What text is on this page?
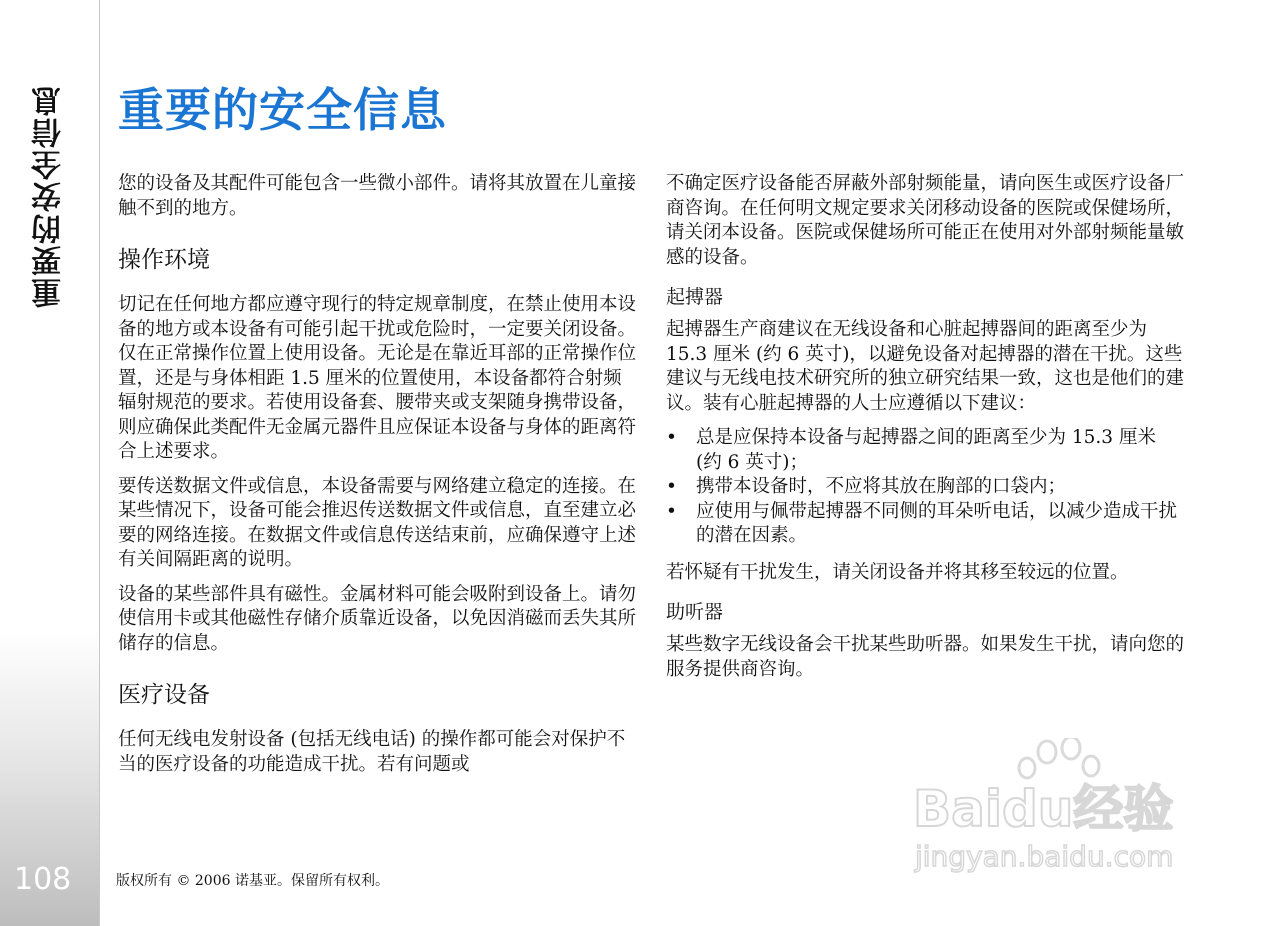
重要的安全信息
108
重要的安全信息

您的设备及其配件可能包含一些微小部件。请将其放置在儿童接触不到的地方。

操作环境

切记在任何地方都应遵守现行的特定规章制度，在禁止使用本设备的地方或本设备有可能引起干扰或危险时，一定要关闭设备。仅在正常操作位置上使用设备。无论是在靠近耳部的正常操作位置，还是与身体相距 1.5 厘米的位置使用，本设备都符合射频辐射规范的要求。若使用设备套、腰带夹或支架随身携带设备，则应确保此类配件无金属元器件且应保证本设备与身体的距离符合上述要求。

要传送数据文件或信息，本设备需要与网络建立稳定的连接。在某些情况下，设备可能会推迟传送数据文件或信息，直至建立必要的网络连接。在数据文件或信息传送结束前，应确保遵守上述有关间隔距离的说明。

设备的某些部件具有磁性。金属材料可能会吸附到设备上。请勿使信用卡或其他磁性存储介质靠近设备，以免因消磁而丢失其所储存的信息。

医疗设备

任何无线电发射设备 (包括无线电话) 的操作都可能会对保护不当的医疗设备的功能造成干扰。若有问题或

不确定医疗设备能否屏蔽外部射频能量，请向医生或医疗设备厂商咨询。在任何明文规定要求关闭移动设备的医院或保健场所，请关闭本设备。医院或保健场所可能正在使用对外部射频能量敏感的设备。

起搏器

起搏器生产商建议在无线设备和心脏起搏器间的距离至少为 15.3 厘米 (约 6 英寸)，以避免设备对起搏器的潜在干扰。这些建议与无线电技术研究所的独立研究结果一致，这也是他们的建议。装有心脏起搏器的人士应遵循以下建议：

• 总是应保持本设备与起搏器之间的距离至少为 15.3 厘米 (约 6 英寸)；
• 携带本设备时，不应将其放在胸部的口袋内；
• 应使用与佩带起搏器不同侧的耳朵听电话，以减少造成干扰的潜在因素。

若怀疑有干扰发生，请关闭设备并将其移至较远的位置。

助听器

某些数字无线设备会干扰某些助听器。如果发生干扰，请向您的服务提供商咨询。

版权所有 © 2006 诺基亚。保留所有权利。
Baidu经验
jingyan.baidu.com
